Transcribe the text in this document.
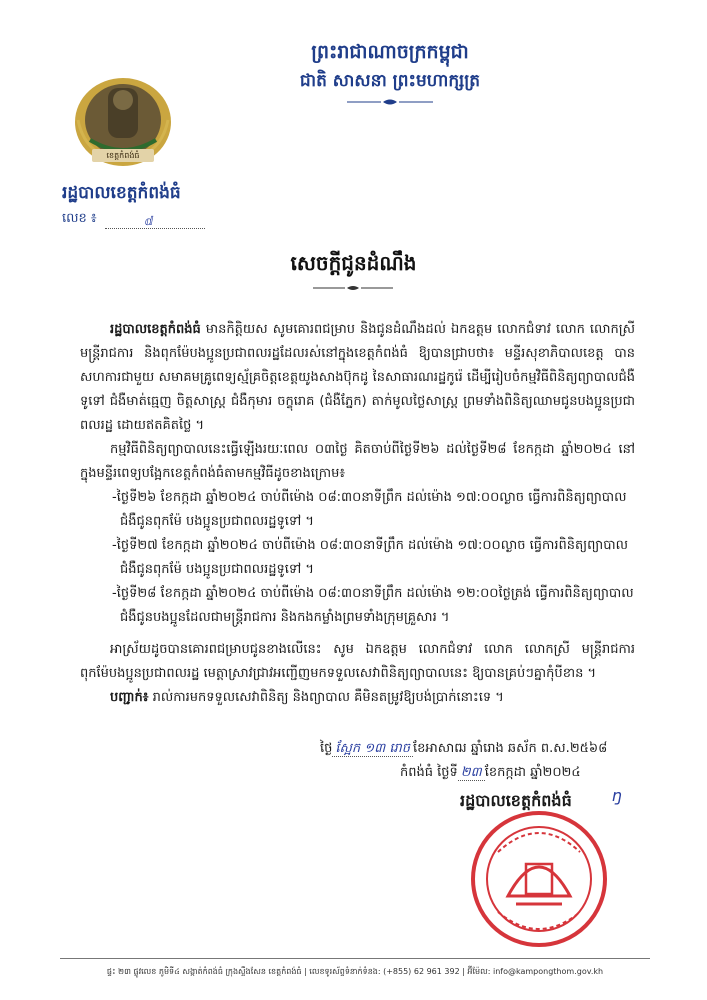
ព្រះរាជាណាចក្រកម្ពុជា
ជាតិ សាសនា ព្រះមហាក្សត្រ
ខេត្តកំពង់ធំ
រដ្ឋបាលខេត្តកំពង់ធំ
លេខ ៖	ⅆ
សេចក្តីជូនដំណឹង

រដ្ឋបាលខេត្តកំពង់ធំ មានកិត្តិយស សូមគោរពជម្រាប និងជូនដំណឹងដល់ ឯកឧត្តម លោកជំទាវ លោក លោកស្រី មន្ត្រីរាជការ និងពុកម៉ែបងប្អូនប្រជាពលរដ្ឋដែលរស់នៅក្នុងខេត្តកំពង់ធំ ឱ្យបានជ្រាបថា៖ មន្ទីរសុខាភិបាលខេត្ត បានសហការជាមួយ សមាគមគ្រូពេទ្យស្ម័គ្រចិត្តខេត្តយូងសាងប៊ុកដូ នៃសាធារណរដ្ឋកូរ៉េ ដើម្បីរៀបចំកម្មវិធីពិនិត្យព្យាបាលជំងឺទូទៅ ជំងឺមាត់ធ្មេញ ចិត្តសាស្ត្រ ជំងឺកុមារ ចក្ខុរោគ (ជំងឺភ្នែក) តាក់មូលថ្លៃសាស្ត្រ ព្រមទាំងពិនិត្យឈាមជូនបងប្អូនប្រជាពលរដ្ឋ ដោយឥតគិតថ្លៃ ។

កម្មវិធីពិនិត្យព្យាបាលនេះធ្វើឡើងរយៈពេល ០៣ថ្ងៃ គិតចាប់ពីថ្ងៃទី២៦ ដល់ថ្ងៃទី២៨ ខែកក្កដា ឆ្នាំ២០២៤ នៅក្នុងមន្ទីរពេទ្យបង្អែកខេត្តកំពង់ធំតាមកម្មវិធីដូចខាងក្រោម៖

-ថ្ងៃទី២៦ ខែកក្កដា ឆ្នាំ២០២៤ ចាប់ពីម៉ោង ០៨:៣០នាទីព្រឹក ដល់ម៉ោង ១៧:០០ល្ងាច ធ្វើការពិនិត្យព្យាបាលជំងឺជូនពុកម៉ែ បងប្អូនប្រជាពលរដ្ឋទូទៅ ។
-ថ្ងៃទី២៧ ខែកក្កដា ឆ្នាំ២០២៤ ចាប់ពីម៉ោង ០៨:៣០នាទីព្រឹក ដល់ម៉ោង ១៧:០០ល្ងាច ធ្វើការពិនិត្យព្យាបាលជំងឺជូនពុកម៉ែ បងប្អូនប្រជាពលរដ្ឋទូទៅ ។
-ថ្ងៃទី២៨ ខែកក្កដា ឆ្នាំ២០២៤ ចាប់ពីម៉ោង ០៨:៣០នាទីព្រឹក ដល់ម៉ោង ១២:០០ថ្ងៃត្រង់ ធ្វើការពិនិត្យព្យាបាលជំងឺជូនបងប្អូនដែលជាមន្ត្រីរាជការ និងកងកម្លាំងព្រមទាំងក្រុមគ្រួសារ ។

អាស្រ័យដូចបានគោរពជម្រាបជូនខាងលើនេះ សូម ឯកឧត្តម លោកជំទាវ លោក លោកស្រី មន្ត្រីរាជការ ពុកម៉ែបងប្អូនប្រជាពលរដ្ឋ មេត្តាស្រាវជ្រាវអញ្ជើញមកទទួលសេវាពិនិត្យព្យាបាលនេះ ឱ្យបានគ្រប់ៗគ្នាកុំបីខាន ។

បញ្ជាក់៖ រាល់ការមកទទួលសេវាពិនិត្យ និងព្យាបាល គឺមិនតម្រូវឱ្យបង់ប្រាក់នោះទេ ។

ថ្ងៃ ស្អែក ១៣ រោច ខែអាសាឍ ឆ្នាំរោង ឆស័ក ព.ស.២៥៦៨
កំពង់ធំ ថ្ងៃទី ២៣ ខែកក្កដា ឆ្នាំ២០២៤
រដ្ឋបាលខេត្តកំពង់ធំ	ŋ
ផ្ទះ ២៣ ផ្លូវលេខ ភូមិទី៤ សង្កាត់កំពង់ធំ ក្រុងស្ទឹងសែន ខេត្តកំពង់ធំ | លេខទូរស័ព្ទទំនាក់ទំនង: (+855) 62 961 392 | អ៊ីម៉ែល: info@kampongthom.gov.kh
